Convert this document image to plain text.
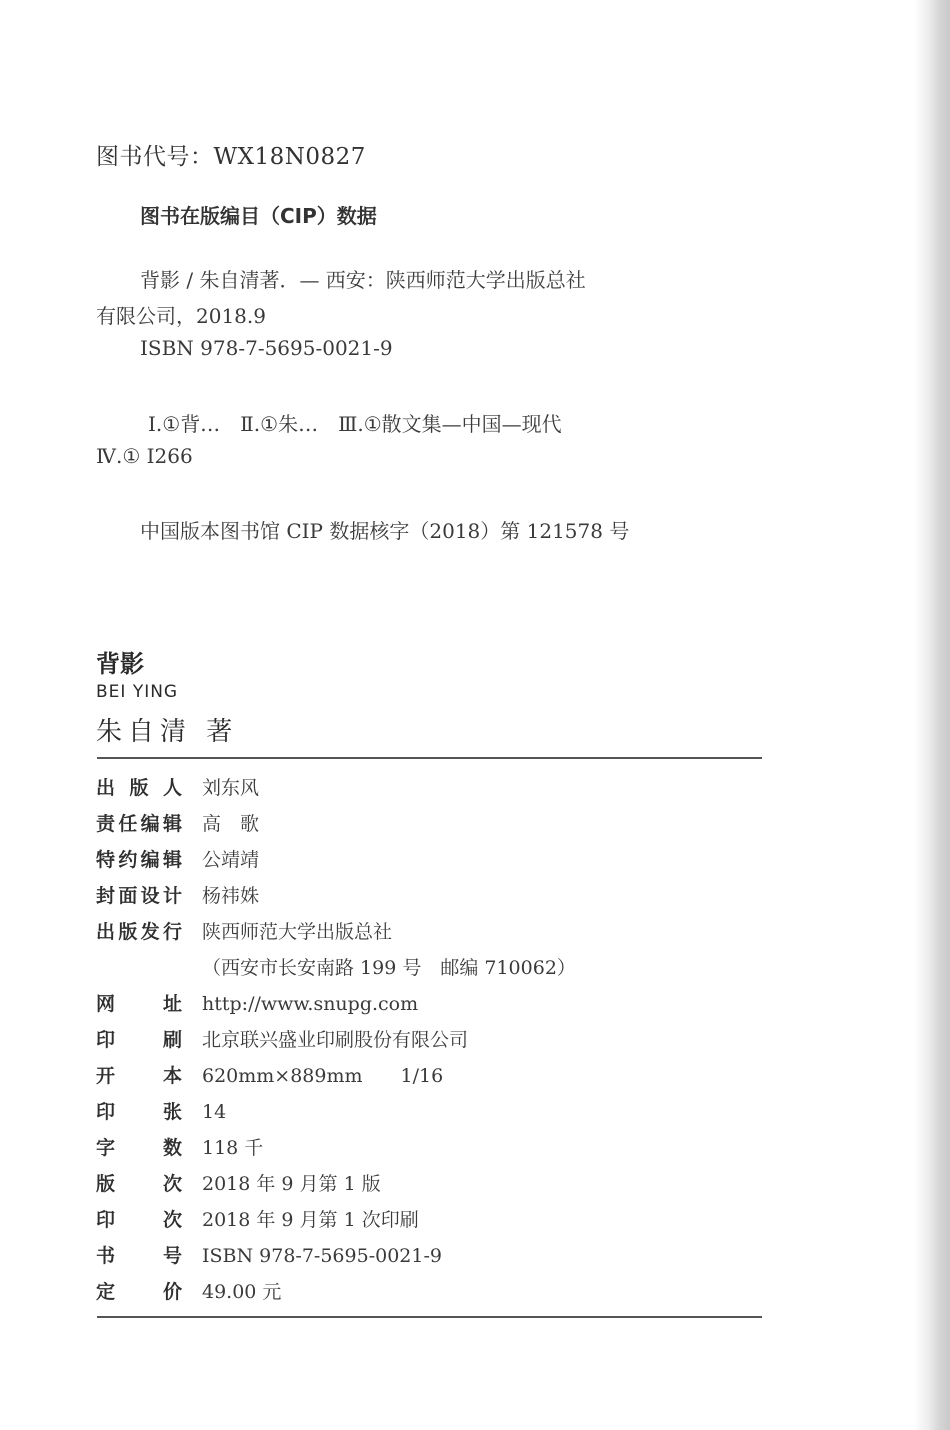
图书代号：WX18N0827
图书在版编目（CIP）数据
背影 / 朱自清著．— 西安：陕西师范大学出版总社
有限公司，2018.9
ISBN 978-7-5695-0021-9
Ⅰ.①背…　Ⅱ.①朱…　Ⅲ.①散文集—中国—现代
Ⅳ.① I266
中国版本图书馆 CIP 数据核字（2018）第 121578 号
背影
BEI YING
朱自清 著
出 版 人 刘东风
责 任 编 辑 高　歌
特 约 编 辑 公靖靖
封 面 设 计 杨祎姝
出 版 发 行 陕西师范大学出版总社
（西安市长安南路 199 号　邮编 710062）
网	址 http://www.snupg.com
印	刷 北京联兴盛业印刷股份有限公司
开	本 620mm×889mm　　1/16
印	张 14
字	数 118 千
版	次 2018 年 9 月第 1 版
印	次 2018 年 9 月第 1 次印刷
书	号 ISBN 978-7-5695-0021-9
定	价 49.00 元
